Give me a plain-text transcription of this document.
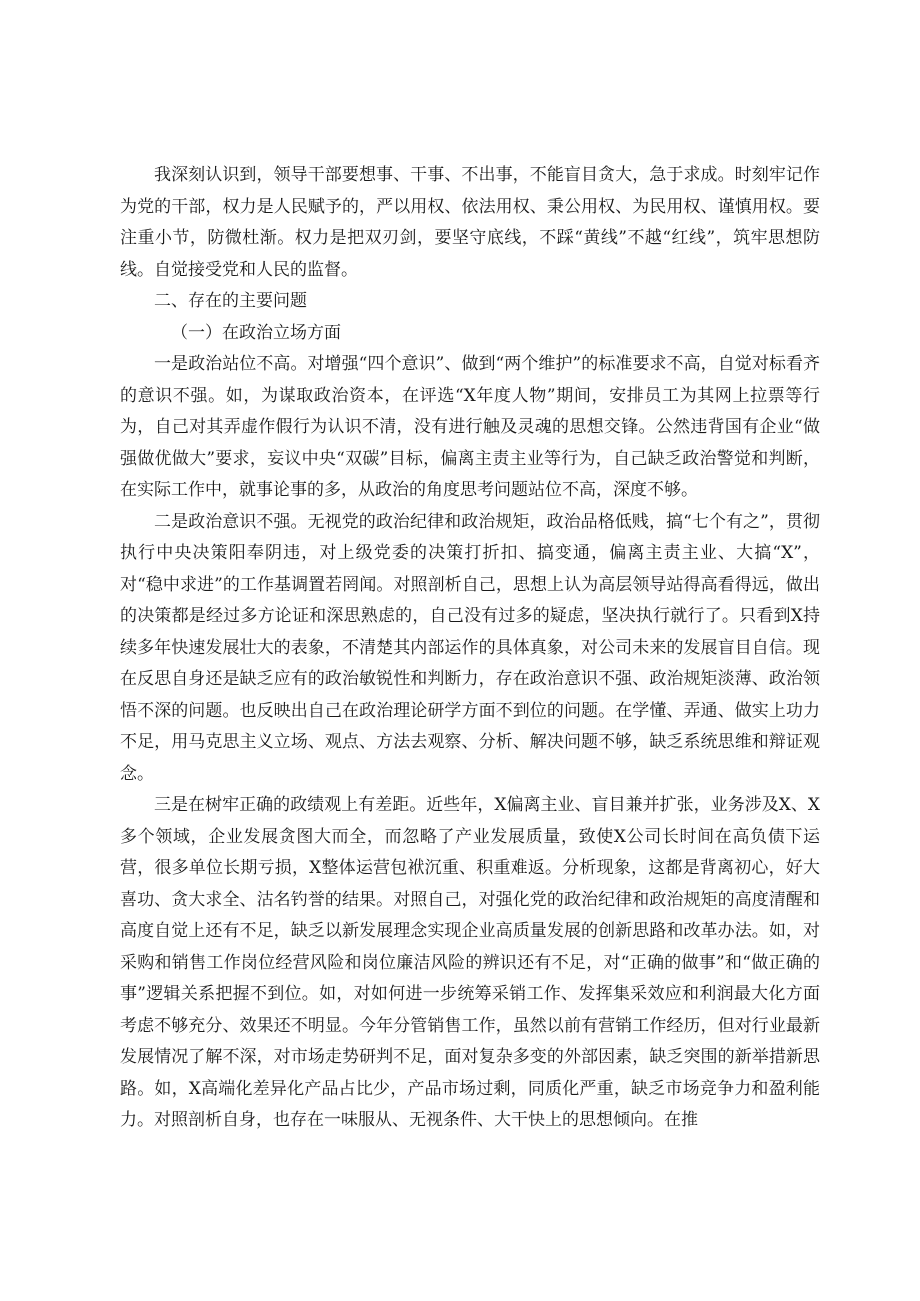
我深刻认识到，领导干部要想事、干事、不出事，不能盲目贪大，急于求成。时刻牢记作为党的干部，权力是人民赋予的，严以用权、依法用权、秉公用权、为民用权、谨慎用权。要注重小节，防微杜渐。权力是把双刃剑，要坚守底线，不踩“黄线”不越“红线”，筑牢思想防线。自觉接受党和人民的监督。

二、存在的主要问题

（一）在政治立场方面

一是政治站位不高。对增强“四个意识”、做到“两个维护”的标准要求不高，自觉对标看齐的意识不强。如，为谋取政治资本，在评选“X年度人物”期间，安排员工为其网上拉票等行为，自己对其弄虚作假行为认识不清，没有进行触及灵魂的思想交锋。公然违背国有企业“做强做优做大”要求，妄议中央“双碳”目标，偏离主责主业等行为，自己缺乏政治警觉和判断，在实际工作中，就事论事的多，从政治的角度思考问题站位不高，深度不够。

二是政治意识不强。无视党的政治纪律和政治规矩，政治品格低贱，搞“七个有之”，贯彻执行中央决策阳奉阴违，对上级党委的决策打折扣、搞变通，偏离主责主业、大搞“X”，对“稳中求进”的工作基调置若罔闻。对照剖析自己，思想上认为高层领导站得高看得远，做出的决策都是经过多方论证和深思熟虑的，自己没有过多的疑虑，坚决执行就行了。只看到X持续多年快速发展壮大的表象，不清楚其内部运作的具体真象，对公司未来的发展盲目自信。现在反思自身还是缺乏应有的政治敏锐性和判断力，存在政治意识不强、政治规矩淡薄、政治领悟不深的问题。也反映出自己在政治理论研学方面不到位的问题。在学懂、弄通、做实上功力不足，用马克思主义立场、观点、方法去观察、分析、解决问题不够，缺乏系统思维和辩证观念。

三是在树牢正确的政绩观上有差距。近些年，X偏离主业、盲目兼并扩张，业务涉及X、X多个领域，企业发展贪图大而全，而忽略了产业发展质量，致使X公司长时间在高负债下运营，很多单位长期亏损，X整体运营包袱沉重、积重难返。分析现象，这都是背离初心，好大喜功、贪大求全、沽名钓誉的结果。对照自己，对强化党的政治纪律和政治规矩的高度清醒和高度自觉上还有不足，缺乏以新发展理念实现企业高质量发展的创新思路和改革办法。如，对采购和销售工作岗位经营风险和岗位廉洁风险的辨识还有不足，对“正确的做事”和“做正确的事”逻辑关系把握不到位。如，对如何进一步统筹采销工作、发挥集采效应和利润最大化方面考虑不够充分、效果还不明显。今年分管销售工作，虽然以前有营销工作经历，但对行业最新发展情况了解不深，对市场走势研判不足，面对复杂多变的外部因素，缺乏突围的新举措新思路。如，X高端化差异化产品占比少，产品市场过剩，同质化严重，缺乏市场竞争力和盈利能力。对照剖析自身，也存在一味服从、无视条件、大干快上的思想倾向。在推
